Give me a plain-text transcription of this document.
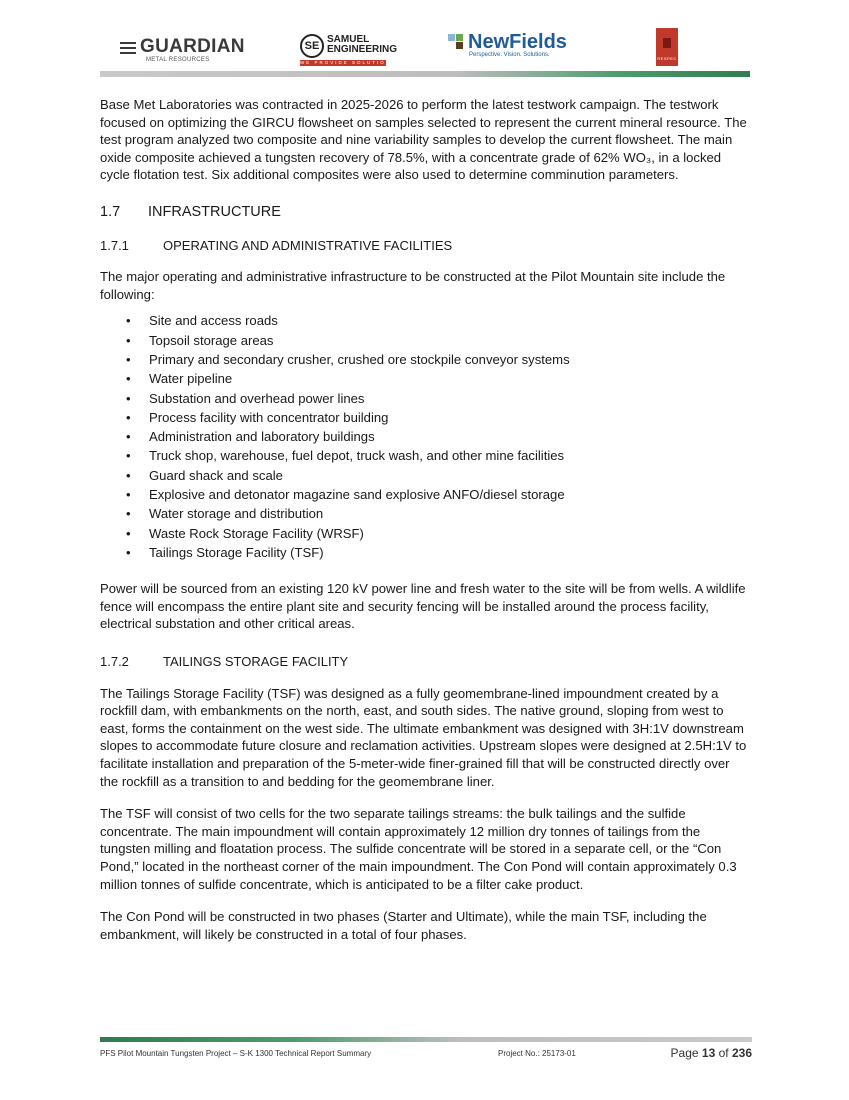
GUARDIAN
METAL RESOURCES
SE
SAMUEL
ENGINEERING
WE PROVIDE SOLUTIONS
NewFields
Perspective. Vision. Solutions.
RESPEC

Base Met Laboratories was contracted in 2025-2026 to perform the latest testwork campaign. The testwork focused on optimizing the GIRCU flowsheet on samples selected to represent the current mineral resource. The test program analyzed two composite and nine variability samples to develop the current flowsheet. The main oxide composite achieved a tungsten recovery of 78.5%, with a concentrate grade of 62% WO₃, in a locked cycle flotation test. Six additional composites were also used to determine comminution parameters.

1.7 INFRASTRUCTURE
1.7.1	OPERATING AND ADMINISTRATIVE FACILITIES

The major operating and administrative infrastructure to be constructed at the Pilot Mountain site include the following:

• Site and access roads
• Topsoil storage areas
• Primary and secondary crusher, crushed ore stockpile conveyor systems
• Water pipeline
• Substation and overhead power lines
• Process facility with concentrator building
• Administration and laboratory buildings
• Truck shop, warehouse, fuel depot, truck wash, and other mine facilities
• Guard shack and scale
• Explosive and detonator magazine sand explosive ANFO/diesel storage
• Water storage and distribution
• Waste Rock Storage Facility (WRSF)
• Tailings Storage Facility (TSF)

Power will be sourced from an existing 120 kV power line and fresh water to the site will be from wells. A wildlife fence will encompass the entire plant site and security fencing will be installed around the process facility, electrical substation and other critical areas.

1.7.2	TAILINGS STORAGE FACILITY

The Tailings Storage Facility (TSF) was designed as a fully geomembrane-lined impoundment created by a rockfill dam, with embankments on the north, east, and south sides. The native ground, sloping from west to east, forms the containment on the west side. The ultimate embankment was designed with 3H:1V downstream slopes to accommodate future closure and reclamation activities. Upstream slopes were designed at 2.5H:1V to facilitate installation and preparation of the 5-meter-wide finer-grained fill that will be constructed directly over the rockfill as a transition to and bedding for the geomembrane liner.

The TSF will consist of two cells for the two separate tailings streams: the bulk tailings and the sulfide concentrate. The main impoundment will contain approximately 12 million dry tonnes of tailings from the tungsten milling and floatation process. The sulfide concentrate will be stored in a separate cell, or the “Con Pond,” located in the northeast corner of the main impoundment. The Con Pond will contain approximately 0.3 million tonnes of sulfide concentrate, which is anticipated to be a filter cake product.

The Con Pond will be constructed in two phases (Starter and Ultimate), while the main TSF, including the embankment, will likely be constructed in a total of four phases.

PFS Pilot Mountain Tungsten Project – S-K 1300 Technical Report Summary	Project No.: 25173-01	Page 13 of 236
